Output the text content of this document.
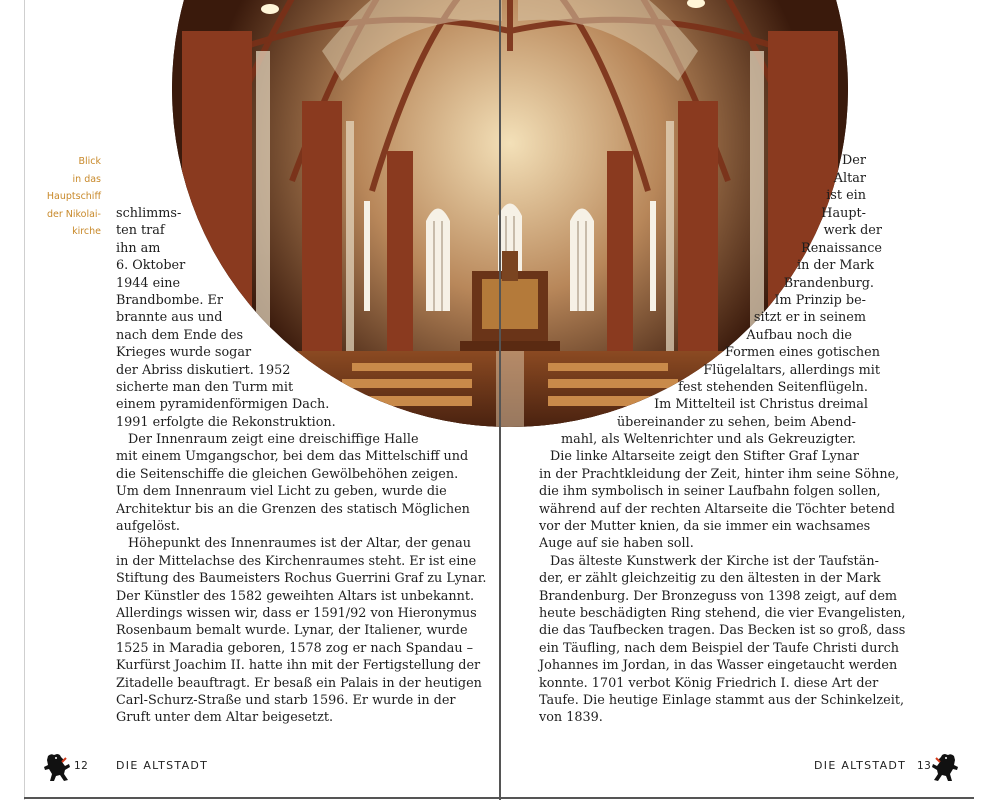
Blick
in das
Hauptschiff
der Nikolai-
kirche
schlimms-
ten traf
ihn am
6. Oktober
1944 eine
Brandbombe. Er
brannte aus und
nach dem Ende des
Krieges wurde sogar
der Abriss diskutiert. 1952
sicherte man den Turm mit
einem pyramidenförmigen Dach.
1991 erfolgte die Rekonstruktion.
Der Innenraum zeigt eine dreischiffige Halle
mit einem Umgangschor, bei dem das Mittelschiff und
die Seitenschiffe die gleichen Gewölbehöhen zeigen.
Um dem Innenraum viel Licht zu geben, wurde die
Architektur bis an die Grenzen des statisch Möglichen
aufgelöst.
Höhepunkt des Innenraumes ist der Altar, der genau
in der Mittelachse des Kirchenraumes steht. Er ist eine
Stiftung des Baumeisters Rochus Guerrini Graf zu Lynar.
Der Künstler des 1582 geweihten Altars ist unbekannt.
Allerdings wissen wir, dass er 1591/92 von Hieronymus
Rosenbaum bemalt wurde. Lynar, der Italiener, wurde
1525 in Maradia geboren, 1578 zog er nach Spandau –
Kurfürst Joachim II. hatte ihn mit der Fertigstellung der
Zitadelle beauftragt. Er besaß ein Palais in der heutigen
Carl-Schurz-Straße und starb 1596. Er wurde in der
Gruft unter dem Altar beigesetzt.
Der
Altar
ist ein
Haupt-
werk der
Renaissance
in der Mark
Brandenburg.
Im Prinzip be-
sitzt er in seinem
Aufbau noch die
Formen eines gotischen
Flügelaltars, allerdings mit
fest stehenden Seitenflügeln.
Im Mittelteil ist Christus dreimal
übereinander zu sehen, beim Abend-
mahl, als Weltenrichter und als Gekreuzigter.
Die linke Altarseite zeigt den Stifter Graf Lynar
in der Prachtkleidung der Zeit, hinter ihm seine Söhne,
die ihm symbolisch in seiner Laufbahn folgen sollen,
während auf der rechten Altarseite die Töchter betend
vor der Mutter knien, da sie immer ein wachsames
Auge auf sie haben soll.
Das älteste Kunstwerk der Kirche ist der Taufstän-
der, er zählt gleichzeitig zu den ältesten in der Mark
Brandenburg. Der Bronzeguss von 1398 zeigt, auf dem
heute beschädigten Ring stehend, die vier Evangelisten,
die das Taufbecken tragen. Das Becken ist so groß, dass
ein Täufling, nach dem Beispiel der Taufe Christi durch
Johannes im Jordan, in das Wasser eingetaucht werden
konnte. 1701 verbot König Friedrich I. diese Art der
Taufe. Die heutige Einlage stammt aus der Schinkelzeit,
von 1839.
12	DIE ALTSTADT	DIE ALTSTADT 13
